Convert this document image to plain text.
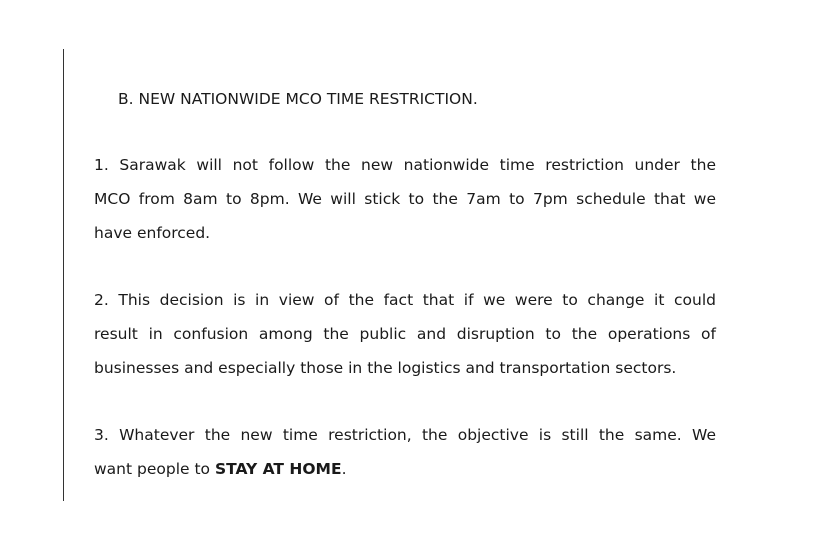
B. NEW NATIONWIDE MCO TIME RESTRICTION.
1. Sarawak will not follow the new nationwide time restriction under the
MCO from 8am to 8pm. We will stick to the 7am to 7pm schedule that we
have enforced.
2. This decision is in view of the fact that if we were to change it could
result in confusion among the public and disruption to the operations of
businesses and especially those in the logistics and transportation sectors.
3. Whatever the new time restriction, the objective is still the same. We
want people to STAY AT HOME.
